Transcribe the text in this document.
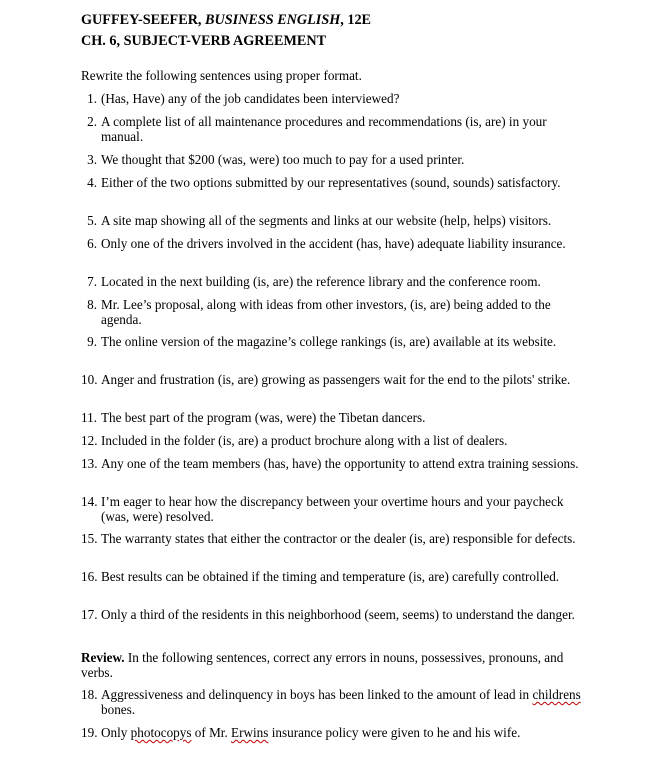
GUFFEY-SEEFER, BUSINESS ENGLISH, 12E
CH. 6, SUBJECT-VERB AGREEMENT
Rewrite the following sentences using proper format.
1. (Has, Have) any of the job candidates been interviewed?
2. A complete list of all maintenance procedures and recommendations (is, are) in your manual.
3. We thought that $200 (was, were) too much to pay for a used printer.
4. Either of the two options submitted by our representatives (sound, sounds) satisfactory.
5. A site map showing all of the segments and links at our website (help, helps) visitors.
6. Only one of the drivers involved in the accident (has, have) adequate liability insurance.
7. Located in the next building (is, are) the reference library and the conference room.
8. Mr. Lee’s proposal, along with ideas from other investors, (is, are) being added to the agenda.
9. The online version of the magazine’s college rankings (is, are) available at its website.
10. Anger and frustration (is, are) growing as passengers wait for the end to the pilots' strike.
11. The best part of the program (was, were) the Tibetan dancers.
12. Included in the folder (is, are) a product brochure along with a list of dealers.
13. Any one of the team members (has, have) the opportunity to attend extra training sessions.
14. I’m eager to hear how the discrepancy between your overtime hours and your paycheck (was, were) resolved.
15. The warranty states that either the contractor or the dealer (is, are) responsible for defects.
16. Best results can be obtained if the timing and temperature (is, are) carefully controlled.
17. Only a third of the residents in this neighborhood (seem, seems) to understand the danger.
Review. In the following sentences, correct any errors in nouns, possessives, pronouns, and verbs.
18. Aggressiveness and delinquency in boys has been linked to the amount of lead in childrens bones.
19. Only photocopys of Mr. Erwins insurance policy were given to he and his wife.
